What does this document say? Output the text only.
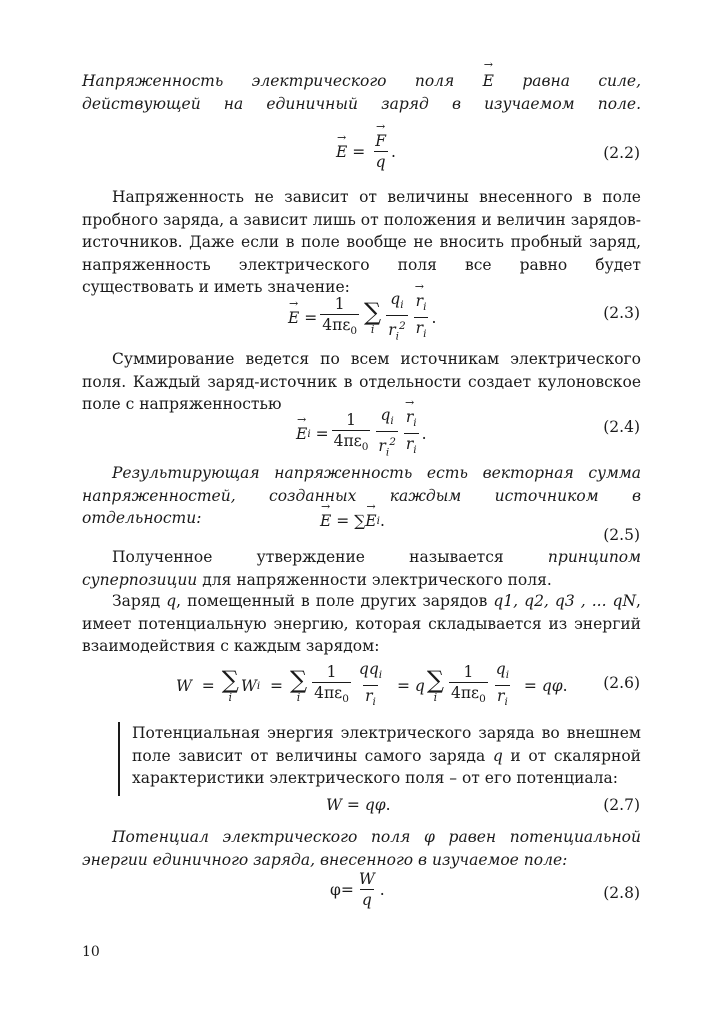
Напряженность электрического поля → E равна силе, действующей на единичный заряд в изучаемом поле.

→ E = → $\frac{F}{q}$ .	(2.2)

Напряженность не зависит от величины внесенного в поле пробного заряда, а зависит лишь от положения и величин зарядов-источников. Даже если в поле вообще не вносить пробный заряд, напряженность электрического поля все равно будет существовать и иметь значение:

→ $E = \frac{1}{4\pi\varepsilon_0}$ ∑
i $\frac{q_i}{r_i^2} \to \frac{r_i}{r_i}$ .	(2.3)

Суммирование ведется по всем источникам электрического поля. Каждый заряд-источник в отдельности создает кулоновское поле с напряженностью

→ E $i = \frac{1}{4\pi\varepsilon_0} \frac{q_i}{r_i^2} \to \frac{r_i}{r_i}$ .	(2.4)

Результирующая напряженность есть векторная сумма напряженностей, созданных каждым источником в отдельности:	→ E = ∑ → E i .
(2.5)

Полученное утверждение называется	принципом суперпозиции для напряженности электрического поля.

Заряд q, помещенный в поле других зарядов q1, q2, q3 , ... qN, имеет потенциальную энергию, которая складывается из энергий взаимодействия с каждым зарядом:

W = ∑
i
W i = ∑
i $\frac{1}{4\pi\varepsilon_0} \frac{qq_i}{r_i} = q$ ∑
i $\frac{1}{4\pi\varepsilon_0} \frac{q_i}{r_i} = q\varphi$ . (2.6)

Потенциальная энергия электрического заряда во внешнем поле зависит от величины самого заряда q и от скалярной характеристики электрического поля – от его потенциала:

W = qφ .	(2.7)

Потенциал электрического поля φ равен потенциальной энергии единичного заряда, внесенного в изучаемое поле:

$\varphi = \frac{W}{q}$ .	(2.8)
10
